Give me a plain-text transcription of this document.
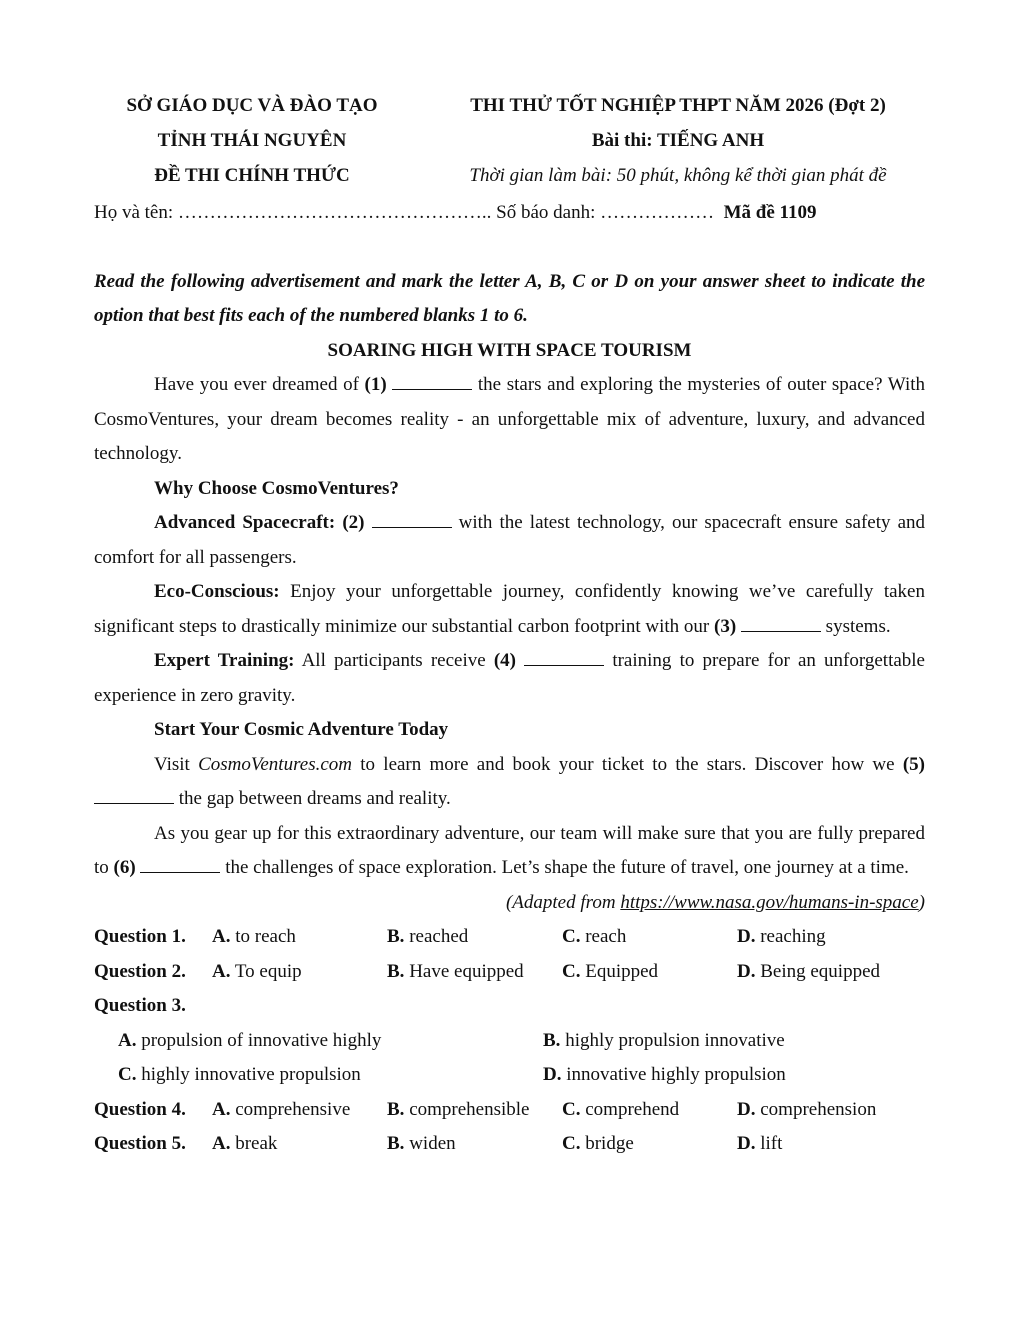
SỞ GIÁO DỤC VÀ ĐÀO TẠO
TỈNH THÁI NGUYÊN
ĐỀ THI CHÍNH THỨC
THI THỬ TỐT NGHIỆP THPT NĂM 2026 (Đợt 2)
Bài thi: TIẾNG ANH
Thời gian làm bài: 50 phút, không kể thời gian phát đề
Họ và tên: ………………………………………….. Số báo danh: ……………… Mã đề 1109

Read the following advertisement and mark the letter A, B, C or D on your answer sheet to indicate the option that best fits each of the numbered blanks 1 to 6.

SOARING HIGH WITH SPACE TOURISM

Have you ever dreamed of (1)	the stars and exploring the mysteries of outer space? With CosmoVentures, your dream becomes reality - an unforgettable mix of adventure, luxury, and advanced technology.

Why Choose CosmoVentures?

Advanced Spacecraft: (2)	with the latest technology, our spacecraft ensure safety and comfort for all passengers.

Eco-Conscious: Enjoy your unforgettable journey, confidently knowing we’ve carefully taken significant steps to drastically minimize our substantial carbon footprint with our (3)	systems.

Expert Training: All participants receive (4)	training to prepare for an unforgettable experience in zero gravity.

Start Your Cosmic Adventure Today

Visit CosmoVentures.com to learn more and book your ticket to the stars. Discover how we (5)  the gap between dreams and reality.

As you gear up for this extraordinary adventure, our team will make sure that you are fully prepared to (6)	the challenges of space exploration. Let’s shape the future of travel, one journey at a time.

(Adapted from https://www.nasa.gov/humans-in-space)

Question 1. A. to reach	B. reached	C. reach	D. reaching
Question 2. A. To equip	B. Have equipped C. Equipped	D. Being equipped
Question 3.
A. propulsion of innovative highly	B. highly propulsion innovative
C. highly innovative propulsion	D. innovative highly propulsion
Question 4. A. comprehensive B. comprehensible C. comprehend	D. comprehension
Question 5. A. break	B. widen	C. bridge	D. lift
